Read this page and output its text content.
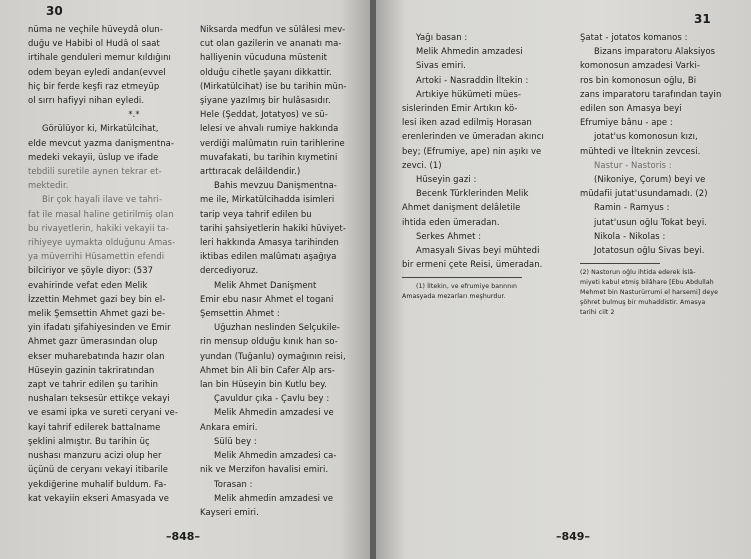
30

nüma ne veçhile hüveydâ olun-

duğu ve Habibi ol Hudâ ol saat

irtihale genduleri memur kıldığını

odem beyan eyledi andan(evvel

hiç bir ferde keşfi raz etmeyüp

ol sırrı hafiyyi nihan eyledi.

*.*

Görülüyor ki, Mirkatülcihat,

elde mevcut yazma danişmentna-

medeki vekayii, üslup ve ifade

tebdili suretile aynen tekrar et-

mektedir.

Bir çok hayali ilave ve tahri-

fat ile masal haline getirilmiş olan

bu rivayetlerin, hakiki vekayii ta-

rihiyeye uymakta olduğunu Amas-

ya müverrihi Hüsamettin efendi

bilciriyor ve şöyle diyor: (537

evahirinde vefat eden Melik

İzzettin Mehmet gazi bey bin el-

melik Şemsettin Ahmet gazi be-

yin ifadatı şifahiyesinden ve Emir

Ahmet gazr ümerasından olup

ekser muharebatında hazır olan

Hüseyin gazinin takriratından

zapt ve tahrir edilen şu tarihin

nushaları teksesür ettikçe vekayi

ve esami ipka ve sureti ceryani ve-

kayi tahrif edilerek battalname

şeklini almıştır. Bu tarihin üç

nushası manzuru acizi olup her

üçünü de ceryanı vekayi itibarile

yekdiğerine muhalif buldum. Fa-

kat vekayiin ekseri Amasyada ve

Niksarda medfun ve sülâlesi mev-

cut olan gazilerin ve ananatı ma-

halliyenin vücuduna müstenit

olduğu cihetle şayanı dikkattir.

(Mirkatülcihat) ise bu tarihin mün-

şiyane yazılmış bir hulâsasıdır.

Hele (Şeddat, Jotatyos) ve sü-

lelesi ve ahvalı rumiye hakkında

verdiği malûmatın ruin tarihlerine

muvafakati, bu tarihin kıymetini

arttıracak delâildendir.)

Bahis mevzuu Danişmentna-

me ile, Mirkatülcihadda isimleri

tarip veya tahrif edilen bu

tarihi şahsiyetlerin hakiki hüviyet-

leri hakkında Amasya tarihinden

iktibas edilen malûmatı aşağıya

dercediyoruz.

Melik Ahmet Danişment

Emir ebu nasır Ahmet el togani

Şemsettin Ahmet :

Uğuzhan neslinden Selçukile-

rin mensup olduğu kınık han so-

yundan (Tuğanlu) oymağının reisi,

Ahmet bin Ali bin Cafer Alp ars-

lan bin Hüseyin bin Kutlu bey.

Çavuldur çıka - Çavlu bey :

Melik Ahmedin amzadesi ve

Ankara emiri.

Sülü bey :

Melik Ahmedin amzadesi ca-

nik ve Merzifon havalisi emiri.

Torasan :

Melik ahmedin amzadesi ve

Kayseri emiri.

–848–
31

Yağı basan :

Melik Ahmedin amzadesi

Sivas emiri.

Artoki - Nasraddin İltekin :

Artıkiye hükümeti mües-

sislerinden Emir Artıkın kö-

lesi iken azad edilmiş Horasan

erenlerinden ve ümeradan akıncı

bey; (Efrumiye, ape) nin aşıkı ve

zevci. (1)

Hüseyin gazi :

Becenk Türklerinden Melik

Ahmet danişment delâletile

ihtida eden ümeradan.

Serkes Ahmet :

Amasyalı Sivas beyi mühtedi

bir ermeni çete Reisi, ümeradan.

(1) İltekin, ve efrumiye bannnın

Amasyada mezarları meşhurdur.

Şatat - jotatos komanos :

Bizans imparatoru Alaksiyos

komonosun amzadesi Varki-

ros bin komonosun oğlu, Bi

zans imparatoru tarafından tayin

edilen son Amasya beyi

Efrumiye bânu - ape :

jotat'us komonosun kızı,

mühtedi ve İlteknin zevcesi.

Nastur - Nastoris :

(Nikoniye, Çorum) beyi ve

müdafii jutat'usundamadı. (2)

Ramin - Ramyus :

jutat'usun oğlu Tokat beyi.

Nikola - Nikolas :

Jotatosun oğlu Sivas beyi.

(2) Nastorun oğlu ihtida ederek İslâ-

miyeti kabul etmiş bilâhare [Ebu Abdullah

Mehmet bin Nasturürrumi el harsemi] deye

şöhret bulmuş bir muhaddistir. Amasya

tarihi cilt 2

–849–
